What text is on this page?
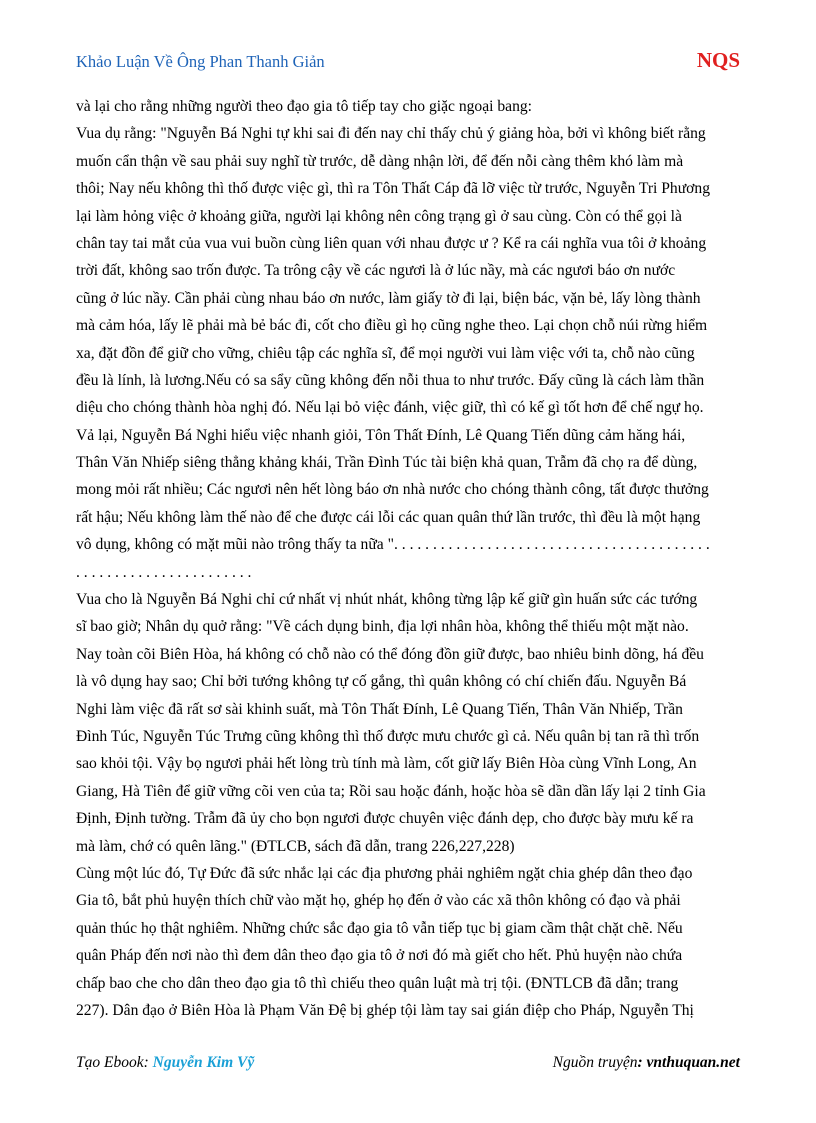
Khảo Luận Về Ông Phan Thanh Giản	NQS
và lại cho rằng những người theo đạo gia tô tiếp tay cho giặc ngoại bang:
Vua dụ rằng: "Nguyễn Bá Nghi tự khi sai đi đến nay chỉ thấy chủ ý giảng hòa, bởi vì không biết rằng
muốn cẩn thận về sau phải suy nghĩ từ trước, dễ dàng nhận lời, để đến nỗi càng thêm khó làm mà
thôi; Nay nếu không thì thố được việc gì, thì ra Tôn Thất Cáp đã lỡ việc từ trước, Nguyễn Tri Phương
lại làm hỏng việc ở khoảng giữa, người lại không nên công trạng gì ở sau cùng. Còn có thể gọi là
chân tay tai mắt của vua vui buồn cùng liên quan với nhau được ư ? Kể ra cái nghĩa vua tôi ở khoảng
trời đất, không sao trốn được. Ta trông cậy về các ngươi là ở lúc nầy, mà các ngươi báo ơn nước
cũng ở lúc nầy. Cần phải cùng nhau báo ơn nước, làm giấy tờ đi lại, biện bác, vặn bẻ, lấy lòng thành
mà cảm hóa, lấy lẽ phải mà bẻ bác đi, cốt cho điều gì họ cũng nghe theo. Lại chọn chỗ núi rừng hiểm
xa, đặt đồn để giữ cho vững, chiêu tập các nghĩa sĩ, để mọi người vui làm việc với ta, chỗ nào cũng
đều là lính, là lương.Nếu có sa sẩy cũng không đến nỗi thua to như trước. Đấy cũng là cách làm thần
diệu cho chóng thành hòa nghị đó. Nếu lại bỏ việc đánh, việc giữ, thì có kế gì tốt hơn để chế ngự họ.
Vả lại, Nguyễn Bá Nghi hiểu việc nhanh giỏi, Tôn Thất Đính, Lê Quang Tiến dũng cảm hăng hái,
Thân Văn Nhiếp siêng thẳng khảng khái, Trần Đình Túc tài biện khả quan, Trẫm đã chọ ra để dùng,
mong mỏi rất nhiều; Các ngươi nên hết lòng báo ơn nhà nước cho chóng thành công, tất được thưởng
rất hậu; Nếu không làm thế nào để che được cái lỗi các quan quân thứ lần trước, thì đều là một hạng
vô dụng, không có mặt mũi nào trông thấy ta nữa ". . . . . . . . . . . . . . . . . . . . . . . . . . . . . . . . . . . . . . . . .
. . . . . . . . . . . . . . . . . . . . . . .
Vua cho là Nguyễn Bá Nghi chỉ cứ nhất vị nhút nhát, không từng lập kế giữ gìn huấn sức các tướng
sĩ bao giờ; Nhân dụ quở rằng: "Về cách dụng binh, địa lợi nhân hòa, không thể thiếu một mặt nào.
Nay toàn cõi Biên Hòa, há không có chỗ nào có thể đóng đồn giữ được, bao nhiêu binh dõng, há đều
là vô dụng hay sao; Chỉ bởi tướng không tự cố gắng, thì quân không có chí chiến đấu. Nguyễn Bá
Nghi làm việc đã rất sơ sài khinh suất, mà Tôn Thất Đính, Lê Quang Tiến, Thân Văn Nhiếp, Trần
Đình Túc, Nguyễn Túc Trưng cũng không thì thố được mưu chước gì cả. Nếu quân bị tan rã thì trốn
sao khỏi tội. Vậy bọ ngươi phải hết lòng trù tính mà làm, cốt giữ lấy Biên Hòa cùng Vĩnh Long, An
Giang, Hà Tiên để giữ vững cõi ven của ta; Rồi sau hoặc đánh, hoặc hòa sẽ dần dần lấy lại 2 tỉnh Gia
Định, Định tường. Trẫm đã ủy cho bọn ngươi được chuyên việc đánh dẹp, cho được bày mưu kế ra
mà làm, chớ có quên lãng." (ĐTLCB, sách đã dẫn, trang 226,227,228)
Cùng một lúc đó, Tự Đức đã sức nhắc lại các địa phương phải nghiêm ngặt chia ghép dân theo đạo
Gia tô, bắt phủ huyện thích chữ vào mặt họ, ghép họ đến ở vào các xã thôn không có đạo và phải
quản thúc họ thật nghiêm. Những chức sắc đạo gia tô vẫn tiếp tục bị giam cầm thật chặt chẽ. Nếu
quân Pháp đến nơi nào thì đem dân theo đạo gia tô ở nơi đó mà giết cho hết. Phủ huyện nào chứa
chấp bao che cho dân theo đạo gia tô thì chiếu theo quân luật mà trị tội. (ĐNTLCB đã dẫn; trang
227). Dân đạo ở Biên Hòa là Phạm Văn Đệ bị ghép tội làm tay sai gián điệp cho Pháp, Nguyễn Thị
Tạo Ebook: Nguyễn Kim Vỹ	Nguồn truyện: vnthuquan.net
